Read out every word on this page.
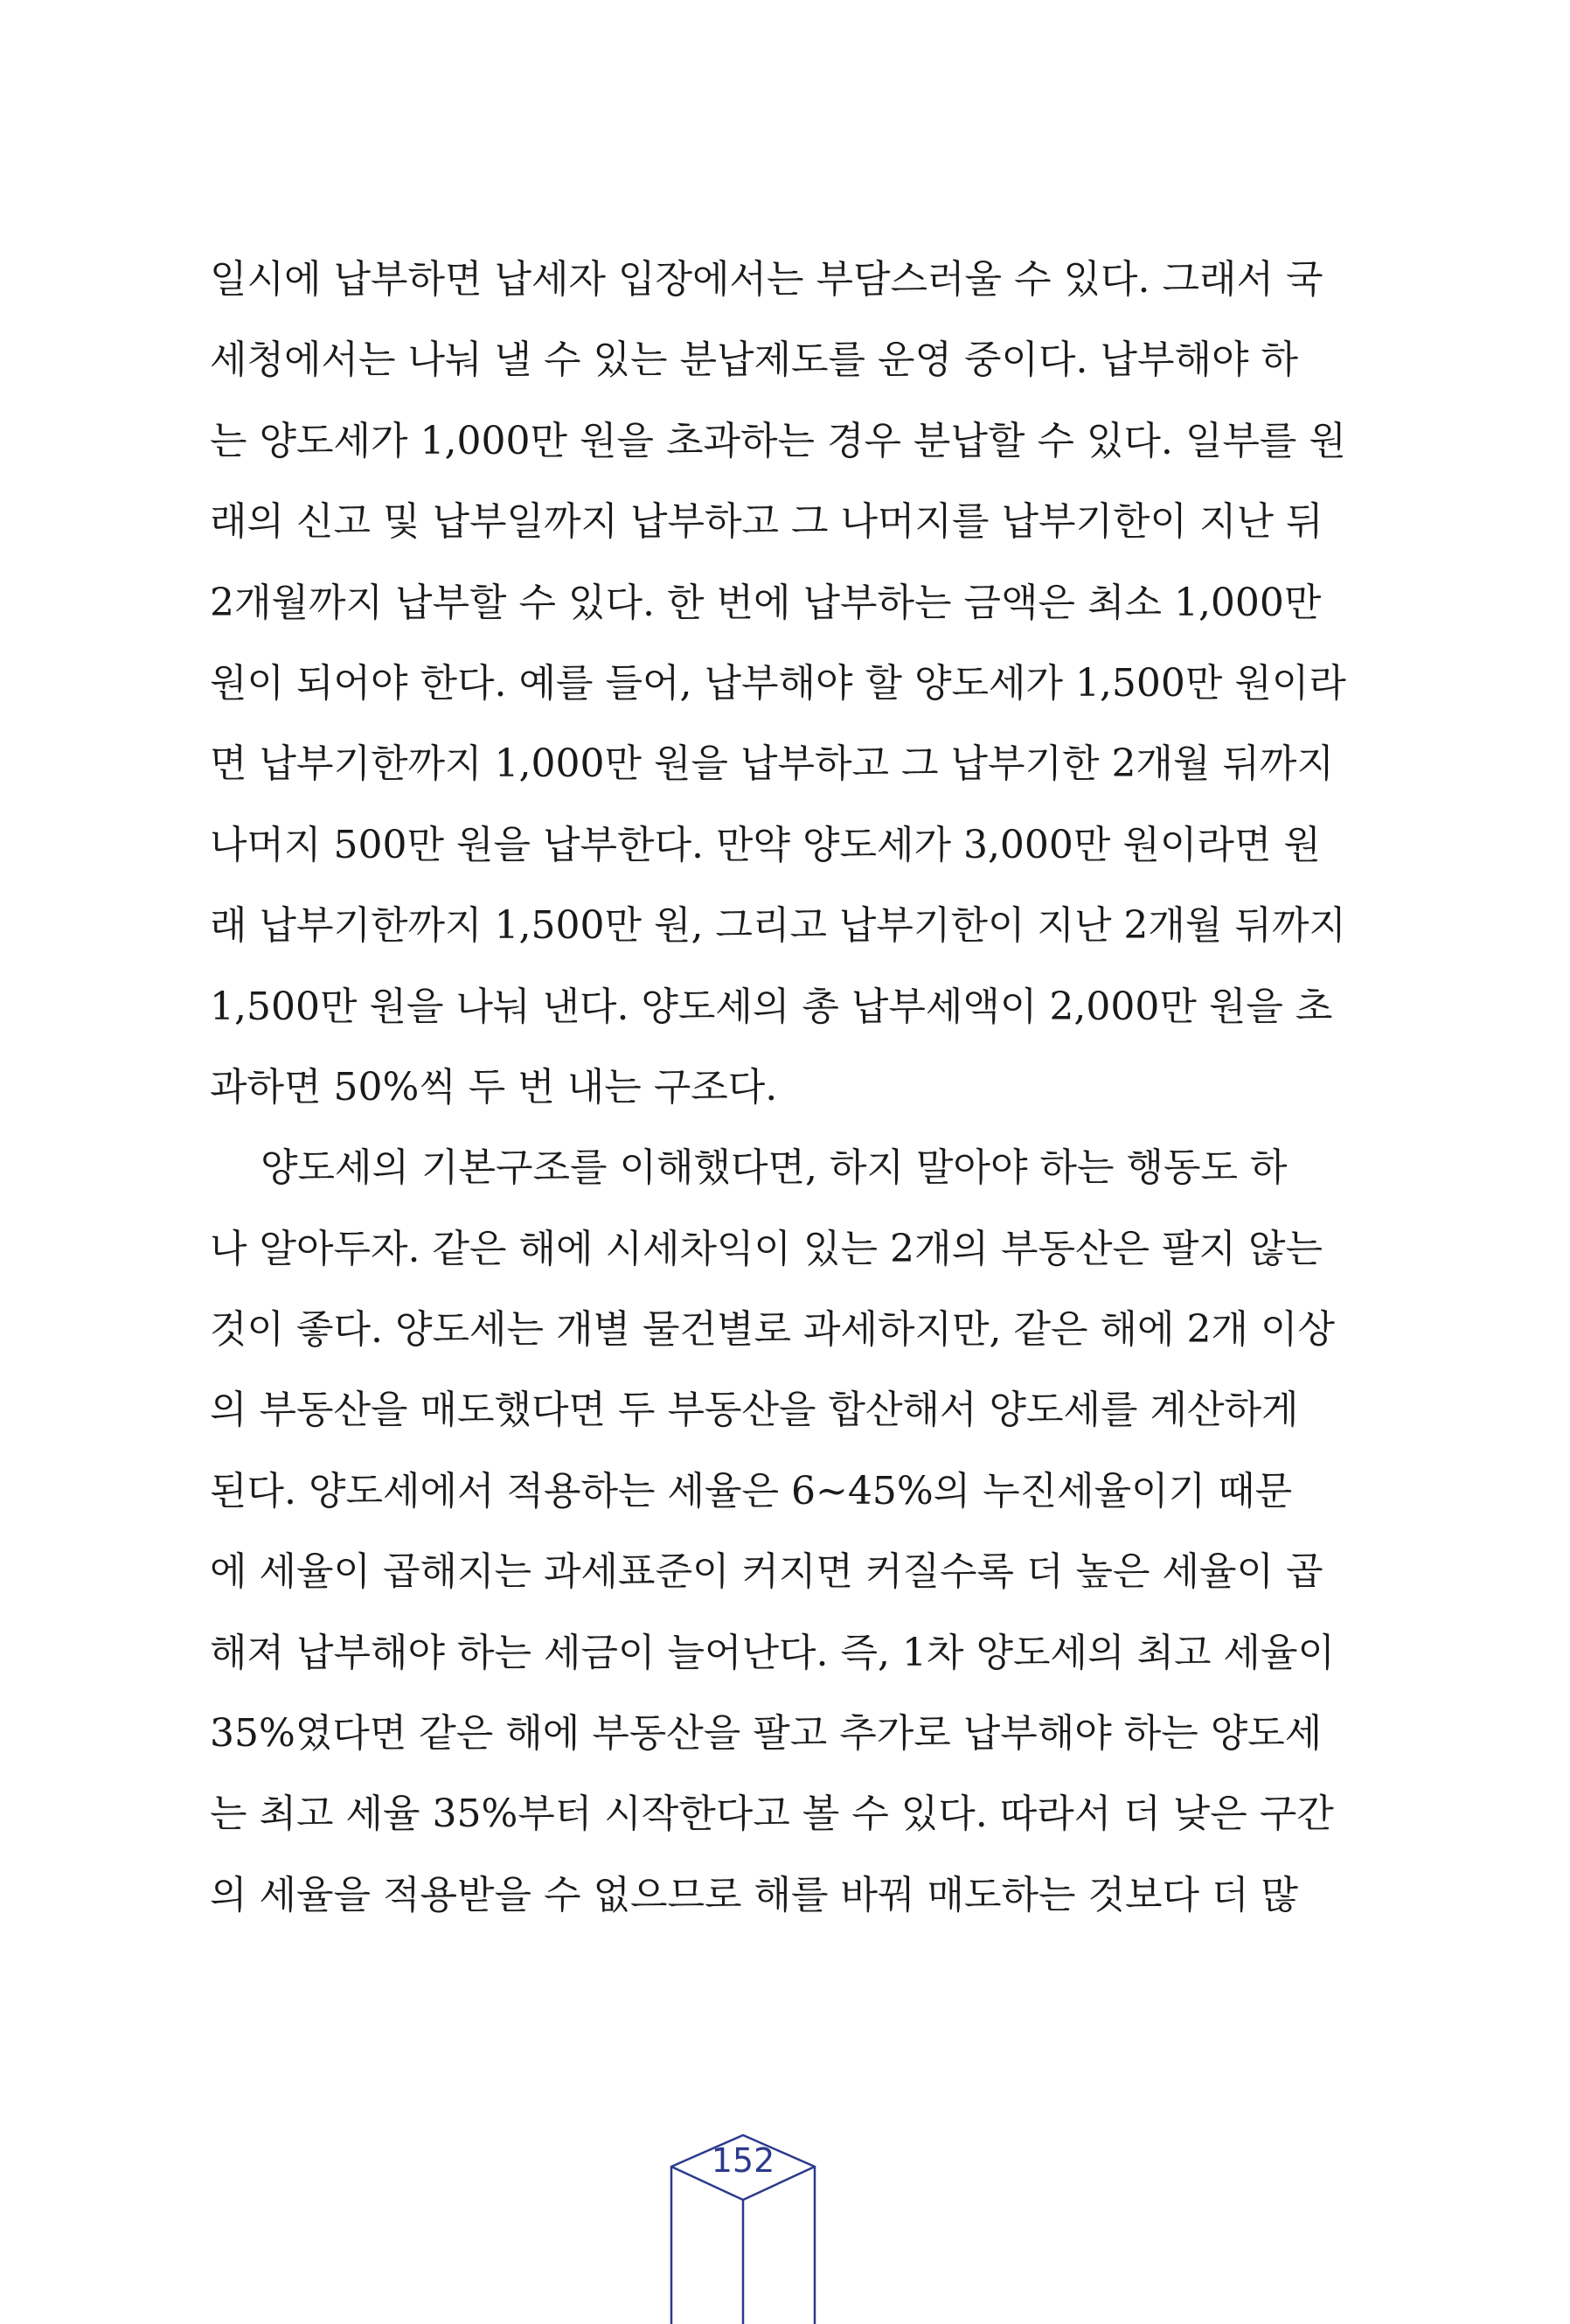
일시에 납부하면 납세자 입장에서는 부담스러울 수 있다. 그래서 국
세청에서는 나눠 낼 수 있는 분납제도를 운영 중이다. 납부해야 하
는 양도세가 1,000만 원을 초과하는 경우 분납할 수 있다. 일부를 원
래의 신고 및 납부일까지 납부하고 그 나머지를 납부기한이 지난 뒤
2개월까지 납부할 수 있다. 한 번에 납부하는 금액은 최소 1,000만
원이 되어야 한다. 예를 들어, 납부해야 할 양도세가 1,500만 원이라
면 납부기한까지 1,000만 원을 납부하고 그 납부기한 2개월 뒤까지
나머지 500만 원을 납부한다. 만약 양도세가 3,000만 원이라면 원
래 납부기한까지 1,500만 원, 그리고 납부기한이 지난 2개월 뒤까지
1,500만 원을 나눠 낸다. 양도세의 총 납부세액이 2,000만 원을 초
과하면 50%씩 두 번 내는 구조다.
양도세의 기본구조를 이해했다면, 하지 말아야 하는 행동도 하
나 알아두자. 같은 해에 시세차익이 있는 2개의 부동산은 팔지 않는
것이 좋다. 양도세는 개별 물건별로 과세하지만, 같은 해에 2개 이상
의 부동산을 매도했다면 두 부동산을 합산해서 양도세를 계산하게
된다. 양도세에서 적용하는 세율은 6~45%의 누진세율이기 때문
에 세율이 곱해지는 과세표준이 커지면 커질수록 더 높은 세율이 곱
해져 납부해야 하는 세금이 늘어난다. 즉, 1차 양도세의 최고 세율이
35%였다면 같은 해에 부동산을 팔고 추가로 납부해야 하는 양도세
는 최고 세율 35%부터 시작한다고 볼 수 있다. 따라서 더 낮은 구간
의 세율을 적용받을 수 없으므로 해를 바꿔 매도하는 것보다 더 많
152
